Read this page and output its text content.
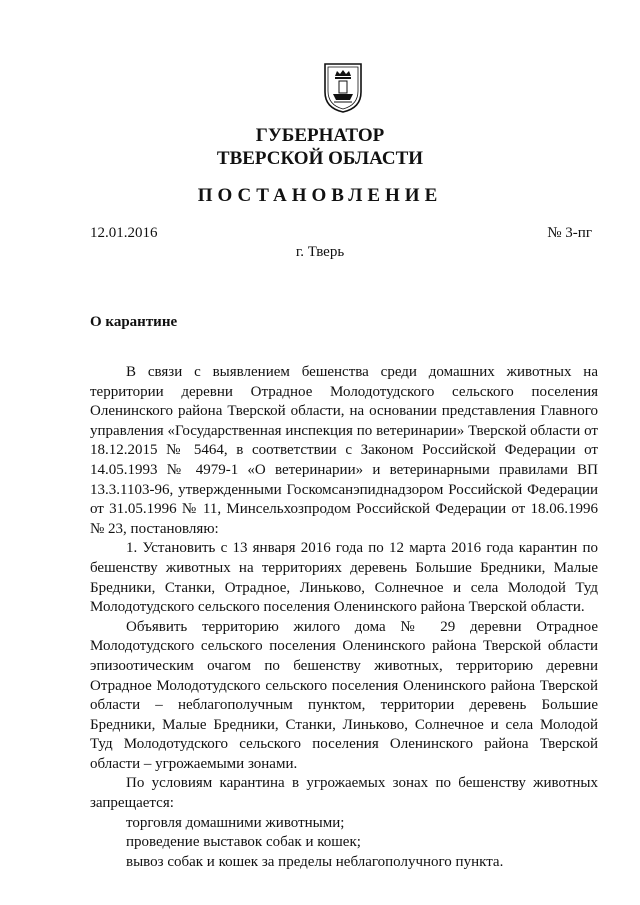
ГУБЕРНАТОР
ТВЕРСКОЙ ОБЛАСТИ
ПОСТАНОВЛЕНИЕ
12.01.2016	№ 3-пг
г. Тверь
О карантине

В связи с выявлением бешенства среди домашних животных на территории деревни Отрадное Молодотудского сельского поселения Оленинского района Тверской области, на основании представления Главного управления «Государственная инспекция по ветеринарии» Тверской области от 18.12.2015 № 5464, в соответствии с Законом Российской Федерации от 14.05.1993 № 4979-1 «О ветеринарии» и ветеринарными правилами ВП 13.3.1103-96, утвержденными Госкомсанэпиднадзором Российской Федерации от 31.05.1996 № 11, Минсельхозпродом Российской Федерации от 18.06.1996 № 23, постановляю:

1. Установить с 13 января 2016 года по 12 марта 2016 года карантин по бешенству животных на территориях деревень Большие Бредники, Малые Бредники, Станки, Отрадное, Линьково, Солнечное и села Молодой Туд Молодотудского сельского поселения Оленинского района Тверской области.

Объявить территорию жилого дома № 29 деревни Отрадное Молодотудского сельского поселения Оленинского района Тверской области эпизоотическим очагом по бешенству животных, территорию деревни Отрадное Молодотудского сельского поселения Оленинского района Тверской области – неблагополучным пунктом, территории деревень Большие Бредники, Малые Бредники, Станки, Линьково, Солнечное и села Молодой Туд Молодотудского сельского поселения Оленинского района Тверской области – угрожаемыми зонами.

По условиям карантина в угрожаемых зонах по бешенству животных запрещается:

торговля домашними животными;

проведение выставок собак и кошек;

вывоз собак и кошек за пределы неблагополучного пункта.
